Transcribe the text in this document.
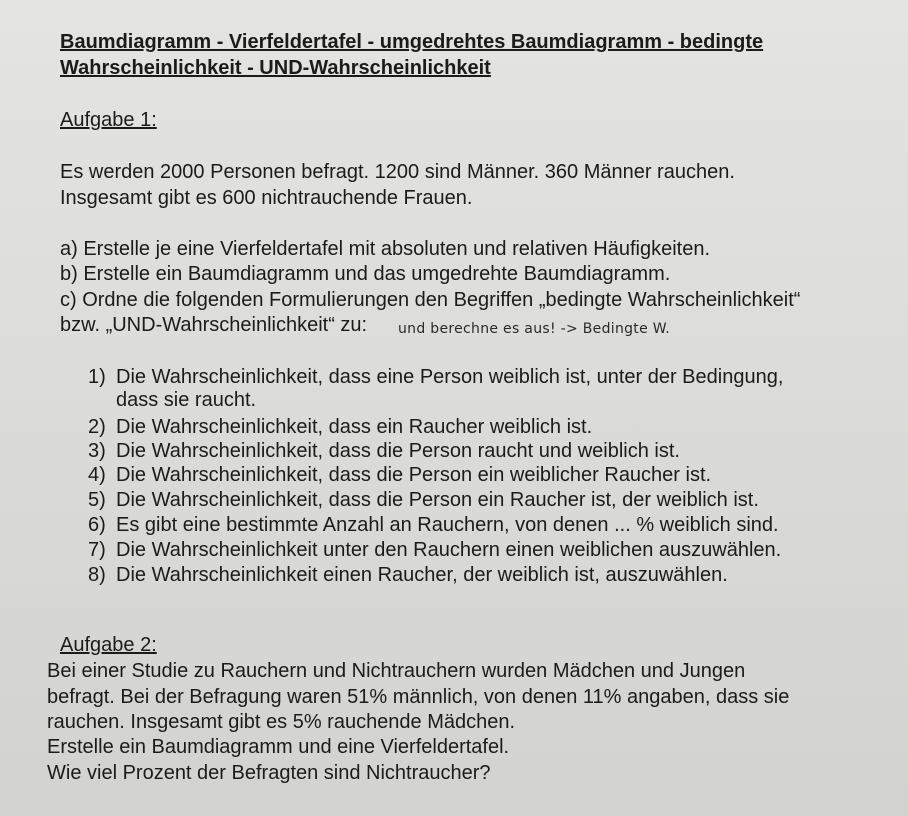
Baumdiagramm - Vierfeldertafel - umgedrehtes Baumdiagramm - bedingte
Wahrscheinlichkeit - UND-Wahrscheinlichkeit
Aufgabe 1:
Es werden 2000 Personen befragt. 1200 sind Männer. 360 Männer rauchen.
Insgesamt gibt es 600 nichtrauchende Frauen.
a) Erstelle je eine Vierfeldertafel mit absoluten und relativen Häufigkeiten.
b) Erstelle ein Baumdiagramm und das umgedrehte Baumdiagramm.
c) Ordne die folgenden Formulierungen den Begriffen „bedingte Wahrscheinlichkeit“
bzw. „UND-Wahrscheinlichkeit“ zu: und berechne es aus! -> Bedingte W.
1) Die Wahrscheinlichkeit, dass eine Person weiblich ist, unter der Bedingung,
dass sie raucht.
2) Die Wahrscheinlichkeit, dass ein Raucher weiblich ist.
3) Die Wahrscheinlichkeit, dass die Person raucht und weiblich ist.
4) Die Wahrscheinlichkeit, dass die Person ein weiblicher Raucher ist.
5) Die Wahrscheinlichkeit, dass die Person ein Raucher ist, der weiblich ist.
6) Es gibt eine bestimmte Anzahl an Rauchern, von denen ... % weiblich sind.
7) Die Wahrscheinlichkeit unter den Rauchern einen weiblichen auszuwählen.
8) Die Wahrscheinlichkeit einen Raucher, der weiblich ist, auszuwählen.
Aufgabe 2:
Bei einer Studie zu Rauchern und Nichtrauchern wurden Mädchen und Jungen
befragt. Bei der Befragung waren 51% männlich, von denen 11% angaben, dass sie
rauchen. Insgesamt gibt es 5% rauchende Mädchen.
Erstelle ein Baumdiagramm und eine Vierfeldertafel.
Wie viel Prozent der Befragten sind Nichtraucher?
